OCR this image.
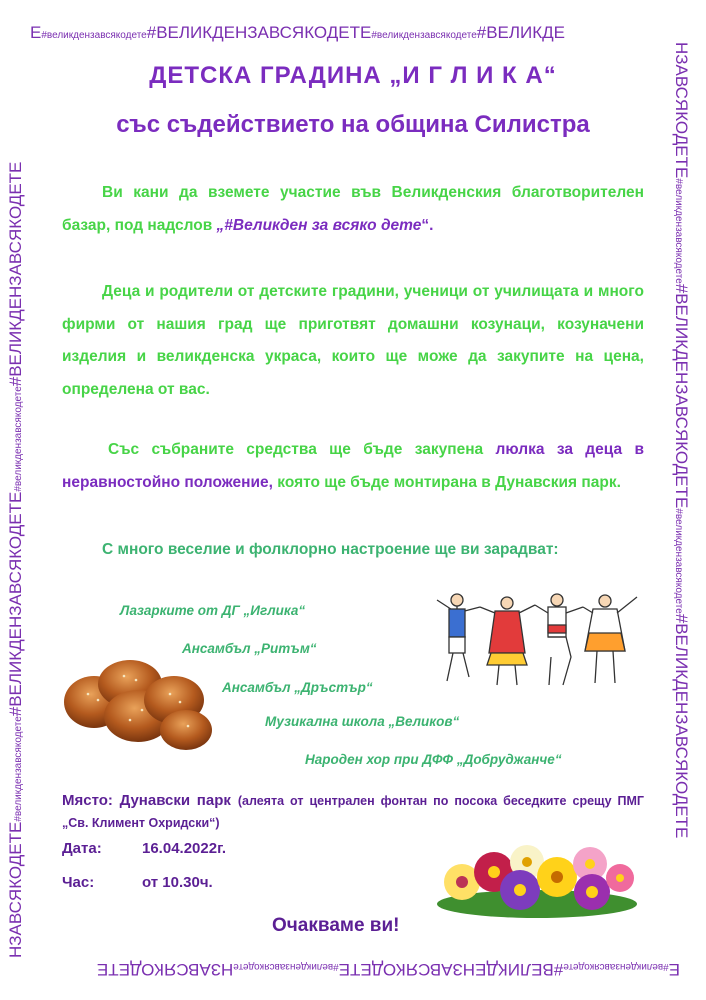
Е#великдензавсякодете#ВЕЛИКДЕНЗАВСЯКОДЕТЕ#великдензавсякодете#ВЕЛИКДЕ
НЗАВСЯКОДЕТЕ#великдензавсякодете#ВЕЛИКДЕНЗАВСЯКОДЕТЕ#великдензавсякодете#ВЕЛИКДЕНЗАВСЯКОДЕТЕ
НЗАВСЯКОДЕТЕ#великдензавсякодете#ВЕЛИКДЕНЗАВСЯКОДЕТЕ#великдензавсякодете#ВЕЛИКДЕНЗАВСЯКОДЕТЕ
Е#великдензавсякодете#ВЕЛИКДЕНЗАВСЯКОДЕТЕ#великдензавсякодетеНЗАВСЯКОДЕТЕ
ДЕТСКА ГРАДИНА „И Г Л И К А“
със съдействието на община Силистра
Ви кани да вземете участие във Великденския благотворителен базар, под надслов „#Великден за всяко дете“.
Деца и родители от детските градини, ученици от училищата и много фирми от нашия град ще приготвят домашни козунаци, козуначени изделия и великденска украса, които ще може да закупите на цена, определена от вас.
Със събраните средства ще бъде закупена люлка за деца в неравностойно положение, която ще бъде монтирана в Дунавския парк.
С много веселие и фолклорно настроение ще ви зарадват:
Лазарките от ДГ „Иглика“
Ансамбъл „Ритъм“
Ансамбъл „Дръстър“
Музикална школа „Великов“
Народен хор при ДФФ „Добруджанче“
Място: Дунавски парк (алеята от централен фонтан по посока беседките срещу ПМГ „Св. Климент Охридски“)
Дата:	16.04.2022г.
Час:	от 10.30ч.
Очакваме ви!
